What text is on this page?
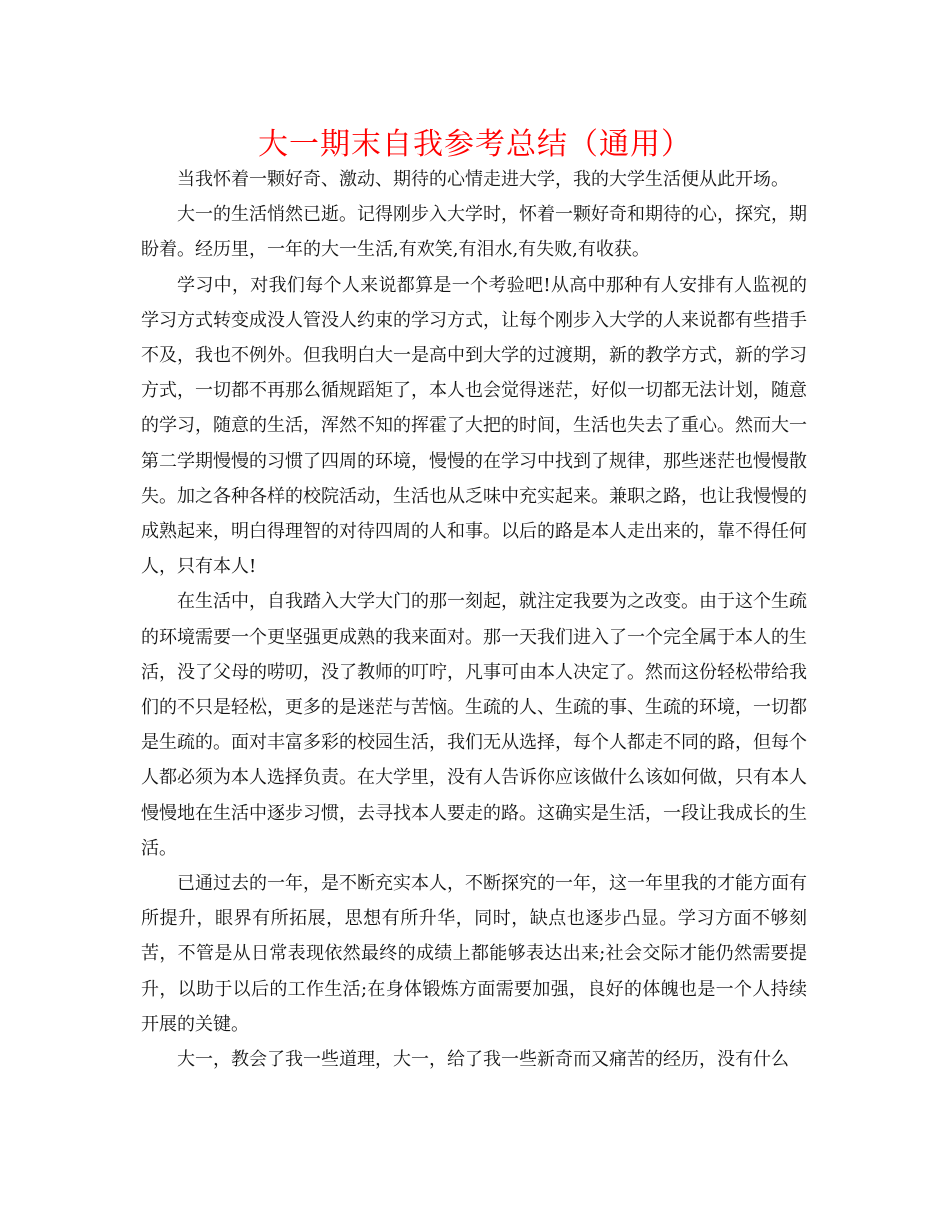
大一期末自我参考总结（通用）

当我怀着一颗好奇、激动、期待的心情走进大学，我的大学生活便从此开场。

大一的生活悄然已逝。记得刚步入大学时，怀着一颗好奇和期待的心，探究，期盼着。经历里，一年的大一生活,有欢笑,有泪水,有失败,有收获。

学习中，对我们每个人来说都算是一个考验吧!从高中那种有人安排有人监视的学习方式转变成没人管没人约束的学习方式，让每个刚步入大学的人来说都有些措手不及，我也不例外。但我明白大一是高中到大学的过渡期，新的教学方式，新的学习方式，一切都不再那么循规蹈矩了，本人也会觉得迷茫，好似一切都无法计划，随意的学习，随意的生活，浑然不知的挥霍了大把的时间，生活也失去了重心。然而大一第二学期慢慢的习惯了四周的环境，慢慢的在学习中找到了规律，那些迷茫也慢慢散失。加之各种各样的校院活动，生活也从乏味中充实起来。兼职之路，也让我慢慢的成熟起来，明白得理智的对待四周的人和事。以后的路是本人走出来的，靠不得任何人，只有本人!

在生活中，自我踏入大学大门的那一刻起，就注定我要为之改变。由于这个生疏的环境需要一个更坚强更成熟的我来面对。那一天我们进入了一个完全属于本人的生活，没了父母的唠叨，没了教师的叮咛，凡事可由本人决定了。然而这份轻松带给我们的不只是轻松，更多的是迷茫与苦恼。生疏的人、生疏的事、生疏的环境，一切都是生疏的。面对丰富多彩的校园生活，我们无从选择，每个人都走不同的路，但每个人都必须为本人选择负责。在大学里，没有人告诉你应该做什么该如何做，只有本人慢慢地在生活中逐步习惯，去寻找本人要走的路。这确实是生活，一段让我成长的生活。

已通过去的一年，是不断充实本人，不断探究的一年，这一年里我的才能方面有所提升，眼界有所拓展，思想有所升华，同时，缺点也逐步凸显。学习方面不够刻苦，不管是从日常表现依然最终的成绩上都能够表达出来;社会交际才能仍然需要提升，以助于以后的工作生活;在身体锻炼方面需要加强，良好的体魄也是一个人持续开展的关键。

大一，教会了我一些道理，大一，给了我一些新奇而又痛苦的经历，没有什么
